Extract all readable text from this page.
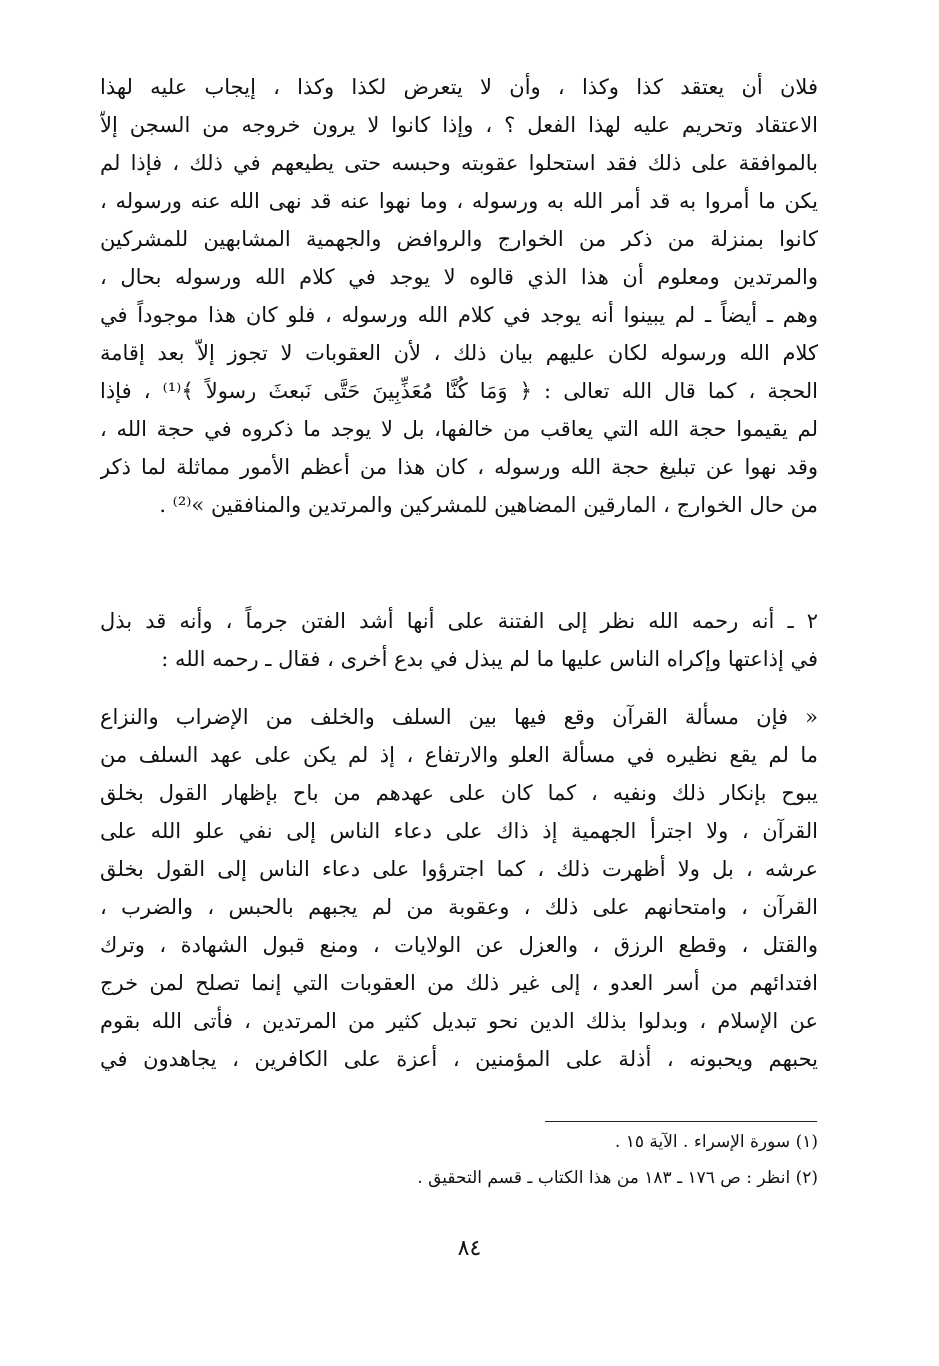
فلان أن يعتقد كذا وكذا ، وأن لا يتعرض لكذا وكذا ، إيجاب عليه لهذا
الاعتقاد وتحريم عليه لهذا الفعل ؟ ، وإذا كانوا لا يرون خروجه من السجن إلاّ
بالموافقة على ذلك فقد استحلوا عقوبته وحبسه حتى يطيعهم في ذلك ، فإذا لم
يكن ما أمروا به قد أمر الله به ورسوله ، وما نهوا عنه قد نهى الله عنه ورسوله ،
كانوا بمنزلة من ذكر من الخوارج والروافض والجهمية المشابهين للمشركين
والمرتدين ومعلوم أن هذا الذي قالوه لا يوجد في كلام الله ورسوله بحال ،
وهم ـ أيضاً ـ لم يبينوا أنه يوجد في كلام الله ورسوله ، فلو كان هذا موجوداً في
كلام الله ورسوله لكان عليهم بيان ذلك ، لأن العقوبات لا تجوز إلاّ بعد إقامة
الحجة ، كما قال الله تعالى : ﴿ وَمَا كُنَّا مُعَذِّبِينَ حَتَّى نَبعثَ رسولاً ﴾⁽¹⁾ ، فإذا
لم يقيموا حجة الله التي يعاقب من خالفها، بل لا يوجد ما ذكروه في حجة الله ،
وقد نهوا عن تبليغ حجة الله ورسوله ، كان هذا من أعظم الأمور مماثلة لما ذكر
من حال الخوارج ، المارقين المضاهين للمشركين والمرتدين والمنافقين »⁽²⁾ .
٢ ـ أنه رحمه الله نظر إلى الفتنة على أنها أشد الفتن جرماً ، وأنه قد بذل
في إذاعتها وإكراه الناس عليها ما لم يبذل في بدع أخرى ، فقال ـ رحمه الله :
« فإن مسألة القرآن وقع فيها بين السلف والخلف من الإضراب والنزاع
ما لم يقع نظيره في مسألة العلو والارتفاع ، إذ لم يكن على عهد السلف من
يبوح بإنكار ذلك ونفيه ، كما كان على عهدهم من باح بإظهار القول بخلق
القرآن ، ولا اجترأ الجهمية إذ ذاك على دعاء الناس إلى نفي علو الله على
عرشه ، بل ولا أظهرت ذلك ، كما اجترؤوا على دعاء الناس إلى القول بخلق
القرآن ، وامتحانهم على ذلك ، وعقوبة من لم يجبهم بالحبس ، والضرب ،
والقتل ، وقطع الرزق ، والعزل عن الولايات ، ومنع قبول الشهادة ، وترك
افتدائهم من أسر العدو ، إلى غير ذلك من العقوبات التي إنما تصلح لمن خرج
عن الإسلام ، وبدلوا بذلك الدين نحو تبديل كثير من المرتدين ، فأتى الله بقوم
يحبهم ويحبونه ، أذلة على المؤمنين ، أعزة على الكافرين ، يجاهدون في
(١) سورة الإسراء . الآية ١٥ .
(٢) انظر : ص ١٧٦ ـ ١٨٣ من هذا الكتاب ـ قسم التحقيق .
٨٤
